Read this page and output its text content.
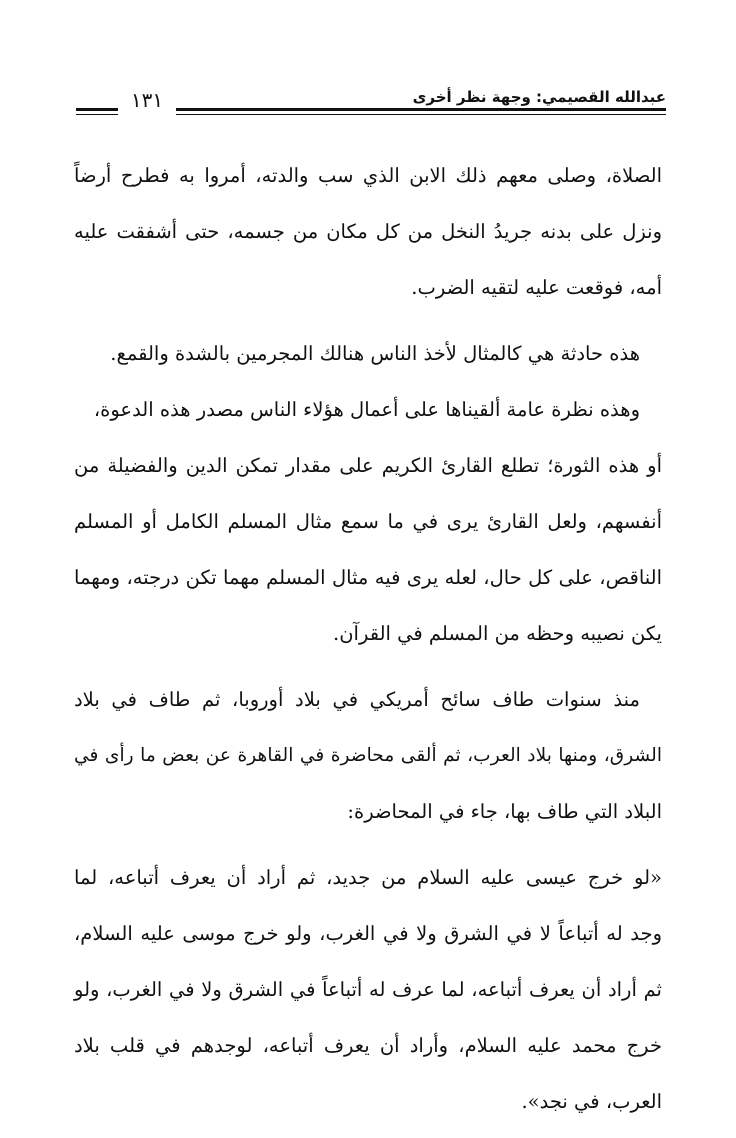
١٣١	عبدالله القصيمي: وجهة نظر أخرى
الصلاة، وصلى معهم ذلك الابن الذي سب والدته، أمروا به فطرح أرضاً
ونزل على بدنه جريدُ النخل من كل مكان من جسمه، حتى أشفقت عليه
أمه، فوقعت عليه لتقيه الضرب.
هذه حادثة هي كالمثال لأخذ الناس هنالك المجرمين بالشدة والقمع.
وهذه نظرة عامة ألقيناها على أعمال هؤلاء الناس مصدر هذه الدعوة،
أو هذه الثورة؛ تطلع القارئ الكريم على مقدار تمكن الدين والفضيلة من
أنفسهم، ولعل القارئ يرى في ما سمع مثال المسلم الكامل أو المسلم
الناقص، على كل حال، لعله يرى فيه مثال المسلم مهما تكن درجته، ومهما
يكن نصيبه وحظه من المسلم في القرآن.
منذ سنوات طاف سائح أمريكي في بلاد أوروبا، ثم طاف في بلاد
الشرق، ومنها بلاد العرب، ثم ألقى محاضرة في القاهرة عن بعض ما رأى في
البلاد التي طاف بها، جاء في المحاضرة:
«لو خرج عيسى عليه السلام من جديد، ثم أراد أن يعرف أتباعه، لما
وجد له أتباعاً لا في الشرق ولا في الغرب، ولو خرج موسى عليه السلام،
ثم أراد أن يعرف أتباعه، لما عرف له أتباعاً في الشرق ولا في الغرب، ولو
خرج محمد عليه السلام، وأراد أن يعرف أتباعه، لوجدهم في قلب بلاد
العرب، في نجد».
